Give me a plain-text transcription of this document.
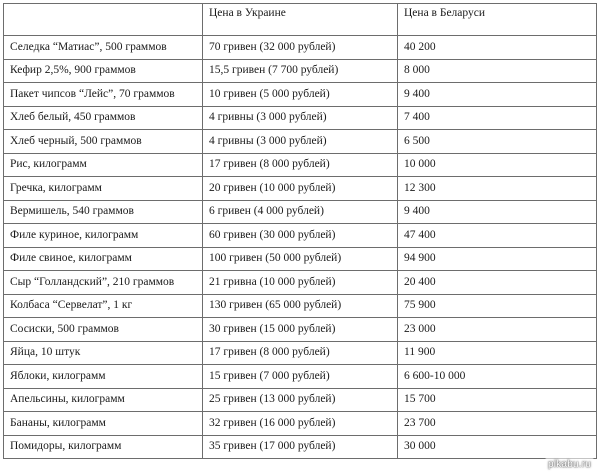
	Цена в Украине	Цена в Беларуси
Селедка “Матиас”, 500 граммов	70 гривен (32 000 рублей)	40 200
Кефир 2,5%, 900 граммов	15,5 гривен (7 700 рублей)	8 000
Пакет чипсов “Лейс”, 70 граммов	10 гривен (5 000 рублей)	9 400
Хлеб белый, 450 граммов	4 гривны (3 000 рублей)	7 400
Хлеб черный, 500 граммов	4 гривны (3 000 рублей)	6 500
Рис, килограмм	17 гривен (8 000 рублей)	10 000
Гречка, килограмм	20 гривен (10 000 рублей)	12 300
Вермишель, 540 граммов	6 гривен (4 000 рублей)	9 400
Филе куриное, килограмм	60 гривен (30 000 рублей)	47 400
Филе свиное, килограмм	100 гривен (50 000 рублей)	94 900
Сыр “Голландский”, 210 граммов	21 гривна (10 000 рублей)	20 400
Колбаса “Сервелат”, 1 кг	130 гривен (65 000 рублей)	75 900
Сосиски, 500 граммов	30 гривен (15 000 рублей)	23 000
Яйца, 10 штук	17 гривен (8 000 рублей)	11 900
Яблоки, килограмм	15 гривен (7 000 рублей)	6 600-10 000
Апельсины, килограмм	25 гривен (13 000 рублей)	15 700
Бананы, килограмм	32 гривен (16 000 рублей)	23 700
Помидоры, килограмм	35 гривен (17 000 рублей)	30 000
pikabu.ru
